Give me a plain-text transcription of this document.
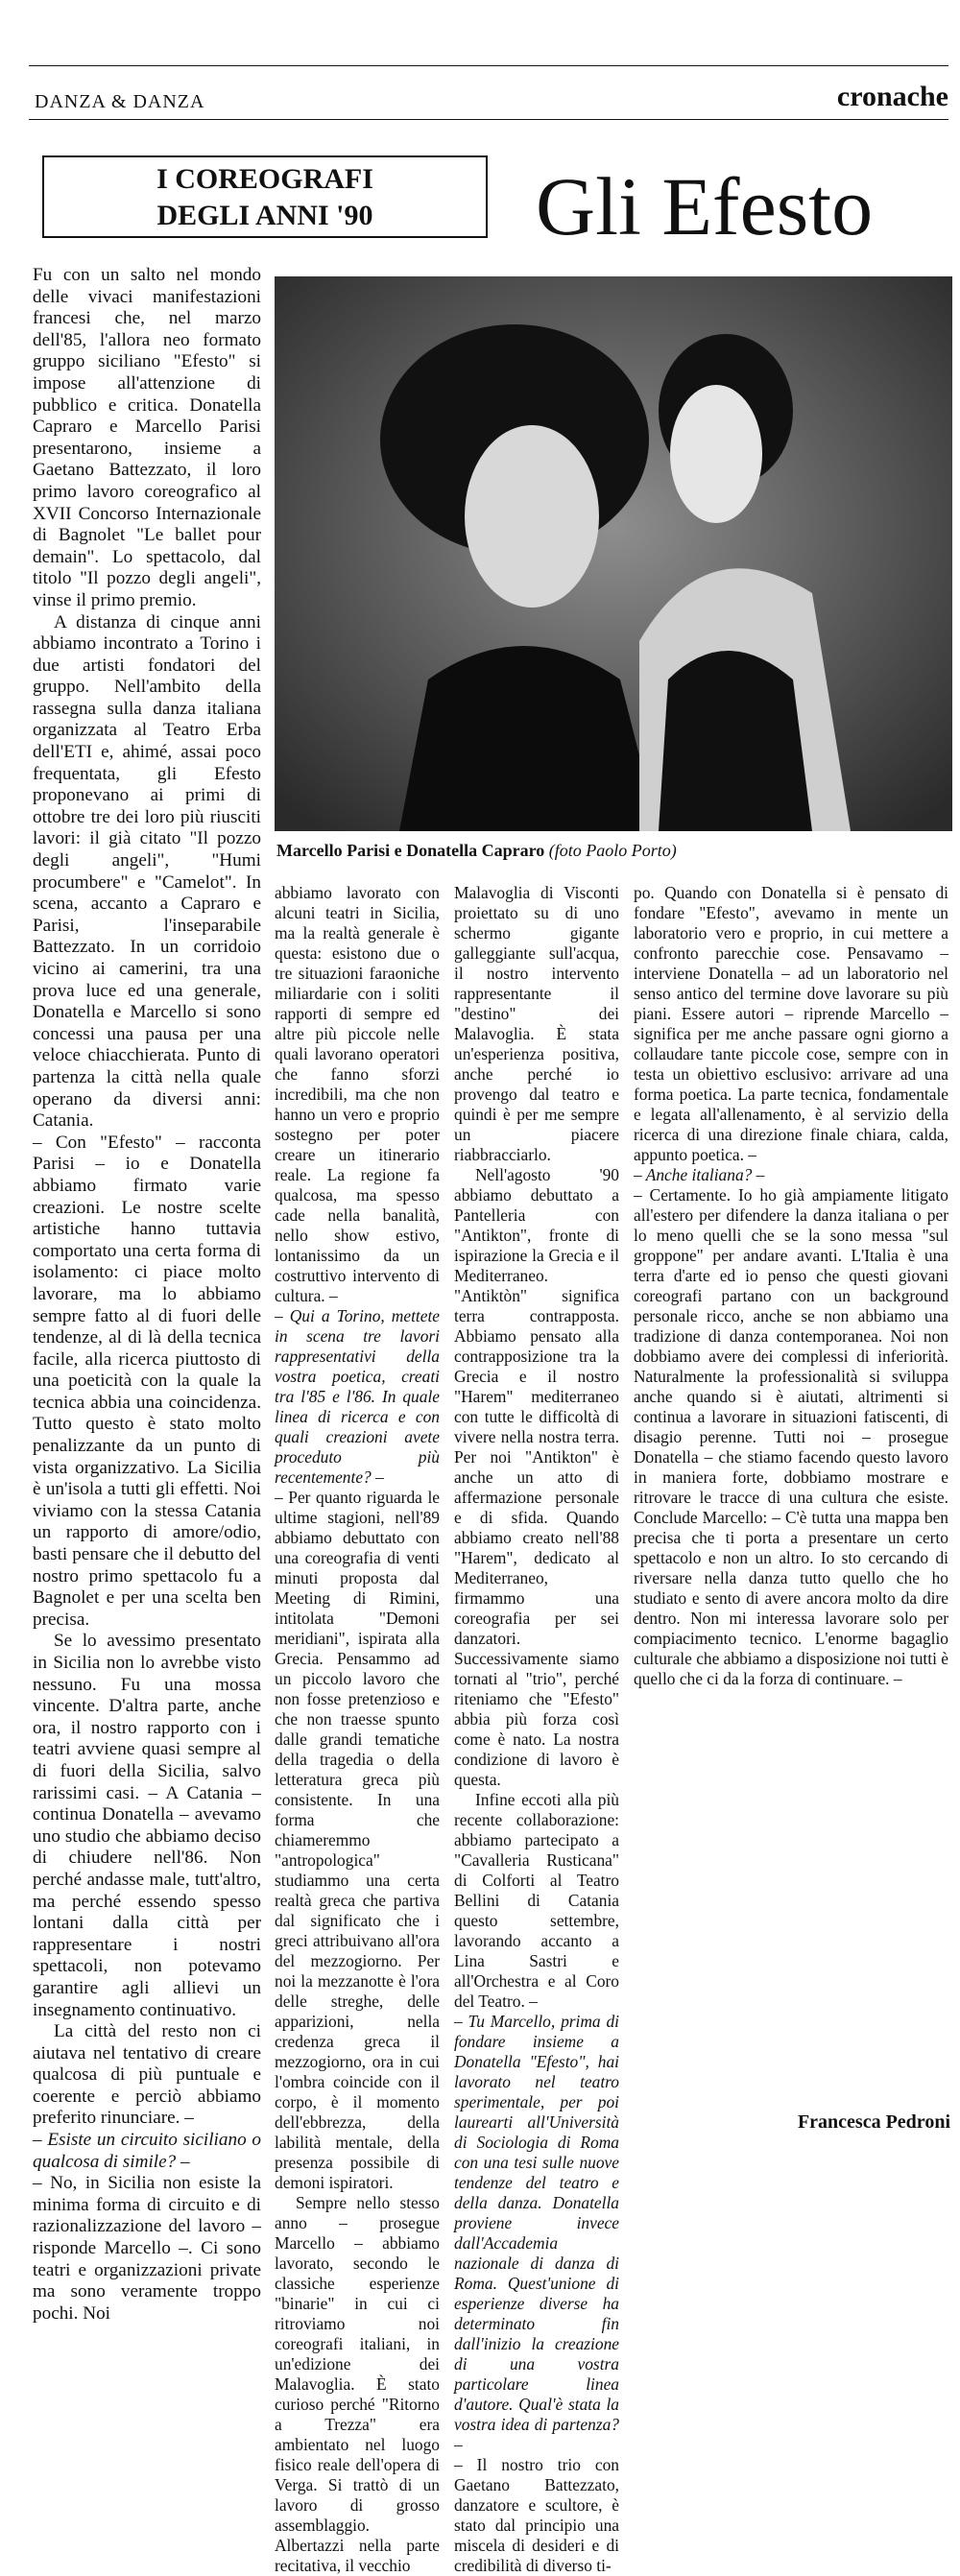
DANZA & DANZA	cronache
I COREOGRAFI
DEGLI ANNI '90	Gli Efesto

Fu con un salto nel mondo delle vivaci manifestazioni francesi che, nel marzo dell'85, l'allora neo formato gruppo siciliano "Efesto" si impose all'attenzione di pubblico e critica. Donatella Capraro e Marcello Parisi presentarono, insieme a Gaetano Battezzato, il loro primo lavoro coreografico al XVII Concorso Internazionale di Bagnolet "Le ballet pour demain". Lo spettacolo, dal titolo "Il pozzo degli angeli", vinse il primo premio.

A distanza di cinque anni abbiamo incontrato a Torino i due artisti fondatori del gruppo. Nell'ambito della rassegna sulla danza italiana organizzata al Teatro Erba dell'ETI e, ahimé, assai poco frequentata, gli Efesto proponevano ai primi di ottobre tre dei loro più riusciti lavori: il già citato "Il pozzo degli angeli", "Humi procumbere" e "Camelot". In scena, accanto a Capraro e Parisi, l'inseparabile Battezzato. In un corridoio vicino ai camerini, tra una prova luce ed una generale, Donatella e Marcello si sono concessi una pausa per una veloce chiacchierata. Punto di partenza la città nella quale operano da diversi anni: Catania.

– Con "Efesto" – racconta Parisi – io e Donatella abbiamo firmato varie creazioni. Le nostre scelte artistiche hanno tuttavia comportato una certa forma di isolamento: ci piace molto lavorare, ma lo abbiamo sempre fatto al di fuori delle tendenze, al di là della tecnica facile, alla ricerca piuttosto di una poeticità con la quale la tecnica abbia una coincidenza. Tutto questo è stato molto penalizzante da un punto di vista organizzativo. La Sicilia è un'isola a tutti gli effetti. Noi viviamo con la stessa Catania un rapporto di amore/odio, basti pensare che il debutto del nostro primo spettacolo fu a Bagnolet e per una scelta ben precisa.

Se lo avessimo presentato in Sicilia non lo avrebbe visto nessuno. Fu una mossa vincente. D'altra parte, anche ora, il nostro rapporto con i teatri avviene quasi sempre al di fuori della Sicilia, salvo rarissimi casi. – A Catania – continua Donatella – avevamo uno studio che abbiamo deciso di chiudere nell'86. Non perché andasse male, tutt'altro, ma perché essendo spesso lontani dalla città per rappresentare i nostri spettacoli, non potevamo garantire agli allievi un insegnamento continuativo.

La città del resto non ci aiutava nel tentativo di creare qualcosa di più puntuale e coerente e perciò abbiamo preferito rinunciare. –

– Esiste un circuito siciliano o qualcosa di simile? –

– No, in Sicilia non esiste la minima forma di circuito e di razionalizzazione del lavoro – risponde Marcello –. Ci sono teatri e organizzazioni private ma sono veramente troppo pochi. Noi

Marcello Parisi e Donatella Capraro (foto Paolo Porto)

abbiamo lavorato con alcuni teatri in Sicilia, ma la realtà generale è questa: esistono due o tre situazioni faraoniche miliardarie con i soliti rapporti di sempre ed altre più piccole nelle quali lavorano operatori che fanno sforzi incredibili, ma che non hanno un vero e proprio sostegno per poter creare un itinerario reale. La regione fa qualcosa, ma spesso cade nella banalità, nello show estivo, lontanissimo da un costruttivo intervento di cultura. –

– Qui a Torino, mettete in scena tre lavori rappresentativi della vostra poetica, creati tra l'85 e l'86. In quale linea di ricerca e con quali creazioni avete proceduto più recentemente? –

– Per quanto riguarda le ultime stagioni, nell'89 abbiamo debuttato con una coreografia di venti minuti proposta dal Meeting di Rimini, intitolata "Demoni meridiani", ispirata alla Grecia. Pensammo ad un piccolo lavoro che non fosse pretenzioso e che non traesse spunto dalle grandi tematiche della tragedia o della letteratura greca più consistente. In una forma che chiameremmo "antropologica" studiammo una certa realtà greca che partiva dal significato che i greci attribuivano all'ora del mezzogiorno. Per noi la mezzanotte è l'ora delle streghe, delle apparizioni, nella credenza greca il mezzogiorno, ora in cui l'ombra coincide con il corpo, è il momento dell'ebbrezza, della labilità mentale, della presenza possibile di demoni ispiratori.

Sempre nello stesso anno – prosegue Marcello – abbiamo lavorato, secondo le classiche esperienze "binarie" in cui ci ritroviamo noi coreografi italiani, in un'edizione dei Malavoglia. È stato curioso perché "Ritorno a Trezza" era ambientato nel luogo fisico reale dell'opera di Verga. Si trattò di un lavoro di grosso assemblaggio. Albertazzi nella parte recitativa, il vecchio

Malavoglia di Visconti proiettato su di uno schermo gigante galleggiante sull'acqua, il nostro intervento rappresentante il "destino" dei Malavoglia. È stata un'esperienza positiva, anche perché io provengo dal teatro e quindi è per me sempre un piacere riabbracciarlo.

Nell'agosto '90 abbiamo debuttato a Pantelleria con "Antikton", fronte di ispirazione la Grecia e il Mediterraneo. "Antiktòn" significa terra contrapposta. Abbiamo pensato alla contrapposizione tra la Grecia e il nostro "Harem" mediterraneo con tutte le difficoltà di vivere nella nostra terra. Per noi "Antikton" è anche un atto di affermazione personale e di sfida. Quando abbiamo creato nell'88 "Harem", dedicato al Mediterraneo, firmammo una coreografia per sei danzatori. Successivamente siamo tornati al "trio", perché riteniamo che "Efesto" abbia più forza così come è nato. La nostra condizione di lavoro è questa.

Infine eccoti alla più recente collaborazione: abbiamo partecipato a "Cavalleria Rusticana" di Colforti al Teatro Bellini di Catania questo settembre, lavorando accanto a Lina Sastri e all'Orchestra e al Coro del Teatro. –

– Tu Marcello, prima di fondare insieme a Donatella "Efesto", hai lavorato nel teatro sperimentale, per poi laurearti all'Università di Sociologia di Roma con una tesi sulle nuove tendenze del teatro e della danza. Donatella proviene invece dall'Accademia nazionale di danza di Roma. Quest'unione di esperienze diverse ha determinato fin dall'inizio la creazione di una vostra particolare linea d'autore. Qual'è stata la vostra idea di partenza? –

– Il nostro trio con Gaetano Battezzato, danzatore e scultore, è stato dal principio una miscela di desideri e di credibilità di diverso ti-

po. Quando con Donatella si è pensato di fondare "Efesto", avevamo in mente un laboratorio vero e proprio, in cui mettere a confronto parecchie cose. Pensavamo – interviene Donatella – ad un laboratorio nel senso antico del termine dove lavorare su più piani. Essere autori – riprende Marcello – significa per me anche passare ogni giorno a collaudare tante piccole cose, sempre con in testa un obiettivo esclusivo: arrivare ad una forma poetica. La parte tecnica, fondamentale e legata all'allenamento, è al servizio della ricerca di una direzione finale chiara, calda, appunto poetica. –

– Anche italiana? –

– Certamente. Io ho già ampiamente litigato all'estero per difendere la danza italiana o per lo meno quelli che se la sono messa "sul groppone" per andare avanti. L'Italia è una terra d'arte ed io penso che questi giovani coreografi partano con un background personale ricco, anche se non abbiamo una tradizione di danza contemporanea. Noi non dobbiamo avere dei complessi di inferiorità. Naturalmente la professionalità si sviluppa anche quando si è aiutati, altrimenti si continua a lavorare in situazioni fatiscenti, di disagio perenne. Tutti noi – prosegue Donatella – che stiamo facendo questo lavoro in maniera forte, dobbiamo mostrare e ritrovare le tracce di una cultura che esiste. Conclude Marcello: – C'è tutta una mappa ben precisa che ti porta a presentare un certo spettacolo e non un altro. Io sto cercando di riversare nella danza tutto quello che ho studiato e sento di avere ancora molto da dire dentro. Non mi interessa lavorare solo per compiacimento tecnico. L'enorme bagaglio culturale che abbiamo a disposizione noi tutti è quello che ci da la forza di continuare. –

Francesca Pedroni
